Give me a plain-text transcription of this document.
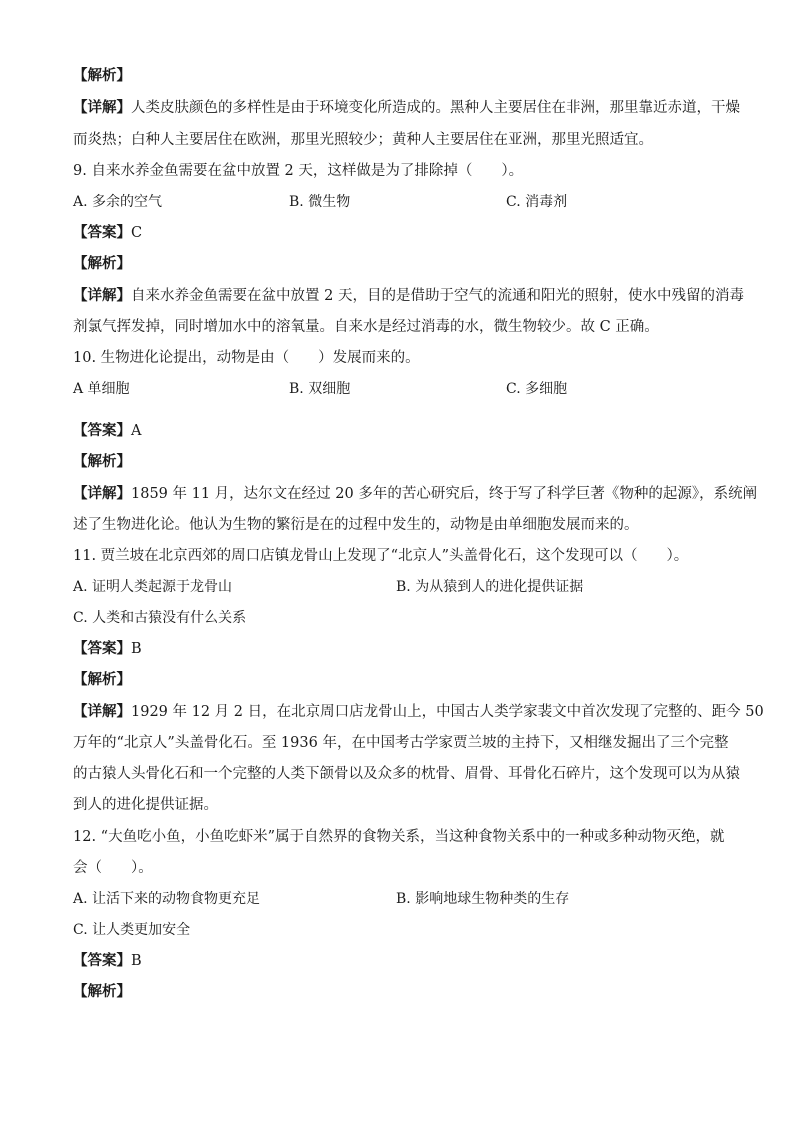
【解析】
【详解】人类皮肤颜色的多样性是由于环境变化所造成的。黑种人主要居住在非洲，那里靠近赤道，干燥
而炎热；白种人主要居住在欧洲，那里光照较少；黄种人主要居住在亚洲，那里光照适宜。
9. 自来水养金鱼需要在盆中放置 2 天，这样做是为了排除掉（　　）。
A. 多余的空气	B. 微生物	C. 消毒剂
【答案】C
【解析】
【详解】自来水养金鱼需要在盆中放置 2 天，目的是借助于空气的流通和阳光的照射，使水中残留的消毒
剂氯气挥发掉，同时增加水中的溶氧量。自来水是经过消毒的水，微生物较少。故 C 正确。
10. 生物进化论提出，动物是由（　　）发展而来的。
A 单细胞	B. 双细胞	C. 多细胞
【答案】A
【解析】
【详解】1859 年 11 月，达尔文在经过 20 多年的苦心研究后，终于写了科学巨著《物种的起源》，系统阐
述了生物进化论。他认为生物的繁衍是在的过程中发生的，动物是由单细胞发展而来的。
11. 贾兰坡在北京西郊的周口店镇龙骨山上发现了“北京人”头盖骨化石，这个发现可以（　　）。
A. 证明人类起源于龙骨山	B. 为从猿到人的进化提供证据
C. 人类和古猿没有什么关系
【答案】B
【解析】
【详解】1929 年 12 月 2 日，在北京周口店龙骨山上，中国古人类学家裴文中首次发现了完整的、距今 50
万年的“北京人”头盖骨化石。至 1936 年，在中国考古学家贾兰坡的主持下，又相继发掘出了三个完整
的古猿人头骨化石和一个完整的人类下颌骨以及众多的枕骨、眉骨、耳骨化石碎片，这个发现可以为从猿
到人的进化提供证据。
12. “大鱼吃小鱼，小鱼吃虾米”属于自然界的食物关系，当这种食物关系中的一种或多种动物灭绝，就
会（　　）。
A. 让活下来的动物食物更充足	B. 影响地球生物种类的生存
C. 让人类更加安全
【答案】B
【解析】
